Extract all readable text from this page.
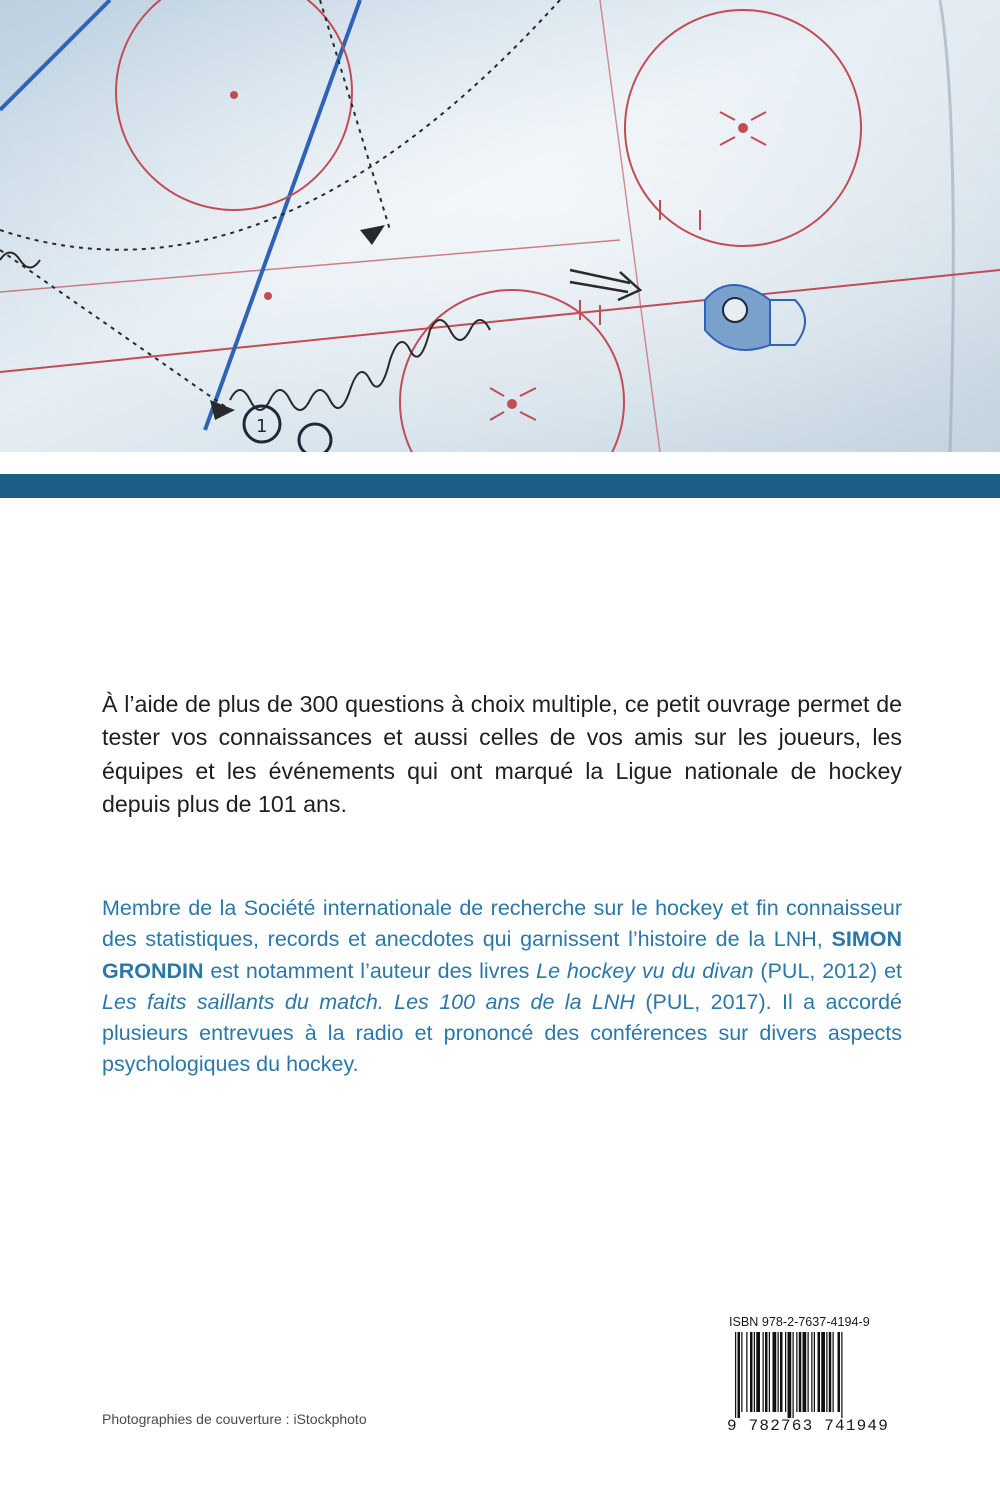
1

À l’aide de plus de 300 questions à choix multiple, ce petit ouvrage permet de tester vos connaissances et aussi celles de vos amis sur les joueurs, les équipes et les événements qui ont marqué la Ligue nationale de hockey depuis plus de 101 ans.

Membre de la Société internationale de recherche sur le hockey et fin connaisseur des statistiques, records et anecdotes qui garnissent l’histoire de la LNH, SIMON GRONDIN est notamment l’auteur des livres Le hockey vu du divan (PUL, 2012) et Les faits saillants du match. Les 100 ans de la LNH (PUL, 2017). Il a accordé plusieurs entrevues à la radio et prononcé des conférences sur divers aspects psychologiques du hockey.

Photographies de couverture : iStockphoto

ISBN 978-2-7637-4194-9
9 782763 741949
